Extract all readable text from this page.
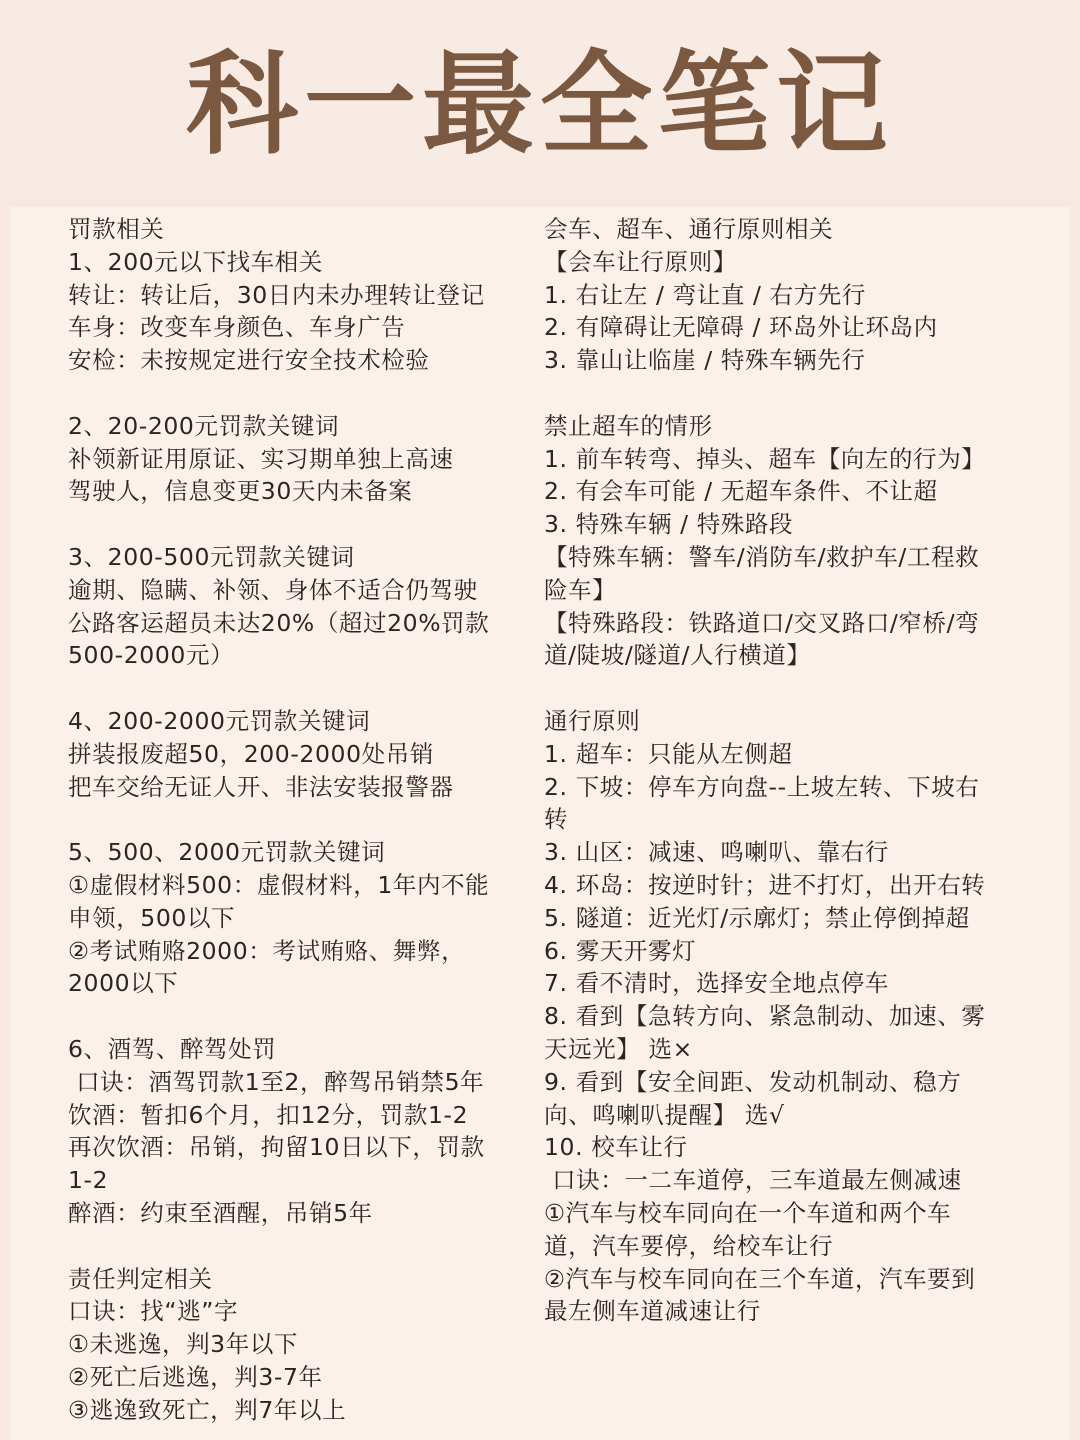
科一最全笔记
罚款相关
1、200元以下找车相关
转让：转让后，30日内未办理转让登记
车身：改变车身颜色、车身广告
安检：未按规定进行安全技术检验
2、20-200元罚款关键词
补领新证用原证、实习期单独上高速
驾驶人，信息变更30天内未备案
3、200-500元罚款关键词
逾期、隐瞒、补领、身体不适合仍驾驶
公路客运超员未达20%（超过20%罚款
500-2000元）
4、200-2000元罚款关键词
拼装报废超50，200-2000处吊销
把车交给无证人开、非法安装报警器
5、500、2000元罚款关键词
①虚假材料500：虚假材料，1年内不能
申领，500以下
②考试贿赂2000：考试贿赂、舞弊，
2000以下
6、酒驾、醉驾处罚
口诀：酒驾罚款1至2，醉驾吊销禁5年
饮酒：暂扣6个月，扣12分，罚款1-2
再次饮酒：吊销，拘留10日以下，罚款
1-2
醉酒：约束至酒醒，吊销5年
责任判定相关
口诀：找“逃”字
①未逃逸，判3年以下
②死亡后逃逸，判3-7年
③逃逸致死亡，判7年以上
会车、超车、通行原则相关
【会车让行原则】
1. 右让左 / 弯让直 / 右方先行
2. 有障碍让无障碍 / 环岛外让环岛内
3. 靠山让临崖 / 特殊车辆先行
禁止超车的情形
1. 前车转弯、掉头、超车【向左的行为】
2. 有会车可能 / 无超车条件、不让超
3. 特殊车辆 / 特殊路段
【特殊车辆：警车/消防车/救护车/工程救
险车】
【特殊路段：铁路道口/交叉路口/窄桥/弯
道/陡坡/隧道/人行横道】
通行原则
1. 超车：只能从左侧超
2. 下坡：停车方向盘--上坡左转、下坡右
转
3. 山区：减速、鸣喇叭、靠右行
4. 环岛：按逆时针；进不打灯，出开右转
5. 隧道：近光灯/示廓灯；禁止停倒掉超
6. 雾天开雾灯
7. 看不清时，选择安全地点停车
8. 看到【急转方向、紧急制动、加速、雾
天远光】 选×
9. 看到【安全间距、发动机制动、稳方
向、鸣喇叭提醒】 选√
10. 校车让行
口诀：一二车道停，三车道最左侧减速
①汽车与校车同向在一个车道和两个车
道，汽车要停，给校车让行
②汽车与校车同向在三个车道，汽车要到
最左侧车道减速让行
